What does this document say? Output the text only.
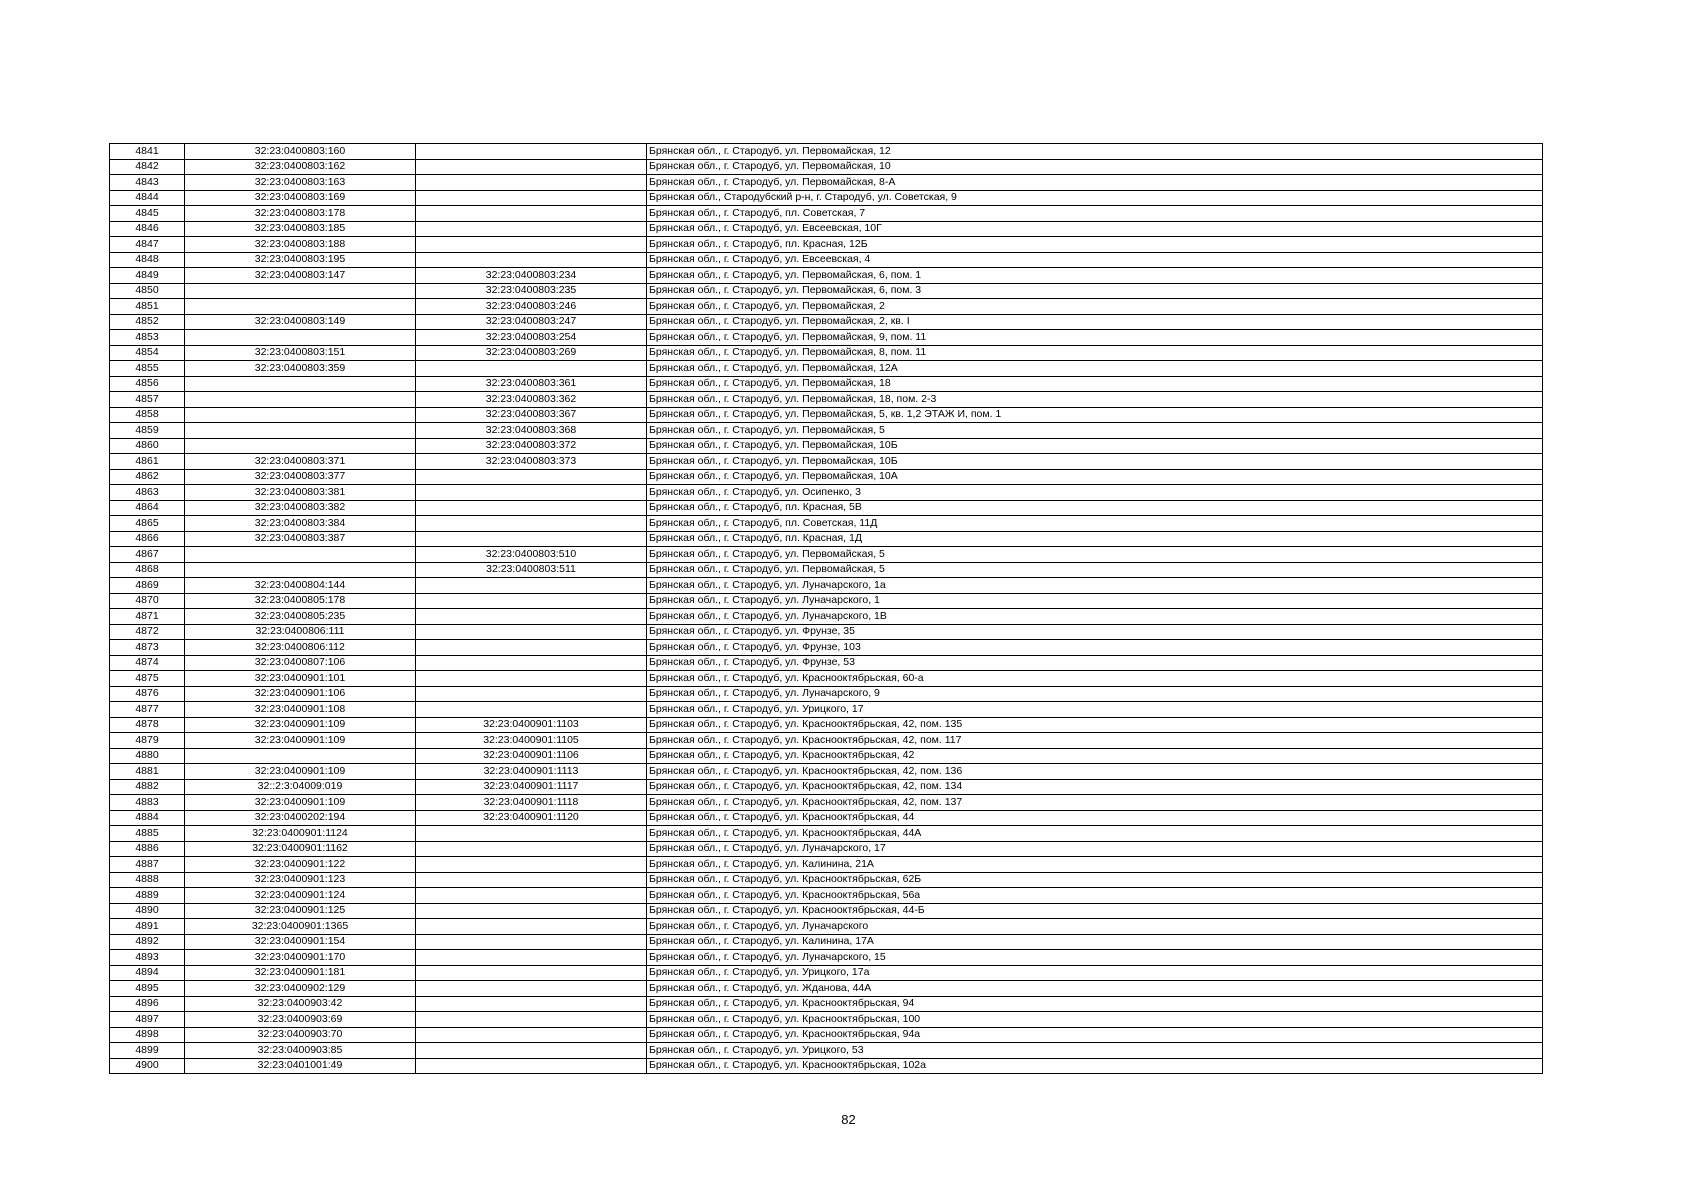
4841	32:23:0400803:160		Брянская обл., г. Стародуб, ул. Первомайская, 12
4842	32:23:0400803:162		Брянская обл., г. Стародуб, ул. Первомайская, 10
4843	32:23:0400803:163		Брянская обл., г. Стародуб, ул. Первомайская, 8-А
4844	32:23:0400803:169		Брянская обл., Стародубский р-н, г. Стародуб, ул. Советская, 9
4845	32:23:0400803:178		Брянская обл., г. Стародуб, пл. Советская, 7
4846	32:23:0400803:185		Брянская обл., г. Стародуб, ул. Евсеевская, 10Г
4847	32:23:0400803:188		Брянская обл., г. Стародуб, пл. Красная, 12Б
4848	32:23:0400803:195		Брянская обл., г. Стародуб, ул. Евсеевская, 4
4849	32:23:0400803:147	32:23:0400803:234	Брянская обл., г. Стародуб, ул. Первомайская, 6, пом. 1
4850		32:23:0400803:235	Брянская обл., г. Стародуб, ул. Первомайская, 6, пом. 3
4851		32:23:0400803:246	Брянская обл., г. Стародуб, ул. Первомайская, 2
4852	32:23:0400803:149	32:23:0400803:247	Брянская обл., г. Стародуб, ул. Первомайская, 2, кв. I
4853		32:23:0400803:254	Брянская обл., г. Стародуб, ул. Первомайская, 9, пом. 11
4854	32:23:0400803:151	32:23:0400803:269	Брянская обл., г. Стародуб, ул. Первомайская, 8, пом. 11
4855	32:23:0400803:359		Брянская обл., г. Стародуб, ул. Первомайская, 12А
4856		32:23:0400803:361	Брянская обл., г. Стародуб, ул. Первомайская, 18
4857		32:23:0400803:362	Брянская обл., г. Стародуб, ул. Первомайская, 18, пом. 2-3
4858		32:23:0400803:367	Брянская обл., г. Стародуб, ул. Первомайская, 5, кв. 1,2 ЭТАЖ И, пом. 1
4859		32:23:0400803:368	Брянская обл., г. Стародуб, ул. Первомайская, 5
4860		32:23:0400803:372	Брянская обл., г. Стародуб, ул. Первомайская, 10Б
4861	32:23:0400803:371	32:23:0400803:373	Брянская обл., г. Стародуб, ул. Первомайская, 10Б
4862	32:23:0400803:377		Брянская обл., г. Стародуб, ул. Первомайская, 10А
4863	32:23:0400803:381		Брянская обл., г. Стародуб, ул. Осипенко, 3
4864	32:23:0400803:382		Брянская обл., г. Стародуб, пл. Красная, 5В
4865	32:23:0400803:384		Брянская обл., г. Стародуб, пл. Советская, 11Д
4866	32:23:0400803:387		Брянская обл., г. Стародуб, пл. Красная, 1Д
4867		32:23:0400803:510	Брянская обл., г. Стародуб, ул. Первомайская, 5
4868		32:23:0400803:511	Брянская обл., г. Стародуб, ул. Первомайская, 5
4869	32:23:0400804:144		Брянская обл., г. Стародуб, ул. Луначарского, 1а
4870	32:23:0400805:178		Брянская обл., г. Стародуб, ул. Луначарского, 1
4871	32:23:0400805:235		Брянская обл., г. Стародуб, ул. Луначарского, 1В
4872	32:23:0400806:111		Брянская обл., г. Стародуб, ул. Фрунзе, 35
4873	32:23:0400806:112		Брянская обл., г. Стародуб, ул. Фрунзе, 103
4874	32:23:0400807:106		Брянская обл., г. Стародуб, ул. Фрунзе, 53
4875	32:23:0400901:101		Брянская обл., г. Стародуб, ул. Краснооктябрьская, 60-а
4876	32:23:0400901:106		Брянская обл., г. Стародуб, ул. Луначарского, 9
4877	32:23:0400901:108		Брянская обл., г. Стародуб, ул. Урицкого, 17
4878	32:23:0400901:109	32:23:0400901:1103	Брянская обл., г. Стародуб, ул. Краснооктябрьская, 42, пом. 135
4879	32:23:0400901:109	32:23:0400901:1105	Брянская обл., г. Стародуб, ул. Краснооктябрьская, 42, пом. 117
4880		32:23:0400901:1106	Брянская обл., г. Стародуб, ул. Краснооктябрьская, 42
4881	32:23:0400901:109	32:23:0400901:1113	Брянская обл., г. Стародуб, ул. Краснооктябрьская, 42, пом. 136
4882	32::2:3:04009:019	32:23:0400901:1117	Брянская обл., г. Стародуб, ул. Краснооктябрьская, 42, пом. 134
4883	32:23:0400901:109	32:23:0400901:1118	Брянская обл., г. Стародуб, ул. Краснооктябрьская, 42, пом. 137
4884	32:23:0400202:194	32:23:0400901:1120	Брянская обл., г. Стародуб, ул. Краснооктябрьская, 44
4885	32:23:0400901:1124		Брянская обл., г. Стародуб, ул. Краснооктябрьская, 44А
4886	32:23:0400901:1162		Брянская обл., г. Стародуб, ул. Луначарского, 17
4887	32:23:0400901:122		Брянская обл., г. Стародуб, ул. Калинина, 21А
4888	32:23:0400901:123		Брянская обл., г. Стародуб, ул. Краснооктябрьская, 62Б
4889	32:23:0400901:124		Брянская обл., г. Стародуб, ул. Краснооктябрьская, 56а
4890	32:23:0400901:125		Брянская обл., г. Стародуб, ул. Краснооктябрьская, 44-Б
4891	32:23:0400901:1365		Брянская обл., г. Стародуб, ул. Луначарского
4892	32:23:0400901:154		Брянская обл., г. Стародуб, ул. Калинина, 17А
4893	32:23:0400901:170		Брянская обл., г. Стародуб, ул. Луначарского, 15
4894	32:23:0400901:181		Брянская обл., г. Стародуб, ул. Урицкого, 17а
4895	32:23:0400902:129		Брянская обл., г. Стародуб, ул. Жданова, 44А
4896	32:23:0400903:42		Брянская обл., г. Стародуб, ул. Краснооктябрьская, 94
4897	32:23:0400903:69		Брянская обл., г. Стародуб, ул. Краснооктябрьская, 100
4898	32:23:0400903:70		Брянская обл., г. Стародуб, ул. Краснооктябрьская, 94а
4899	32:23:0400903:85		Брянская обл., г. Стародуб, ул. Урицкого, 53
4900	32:23:0401001:49		Брянская обл., г. Стародуб, ул. Краснооктябрьская, 102а
82
